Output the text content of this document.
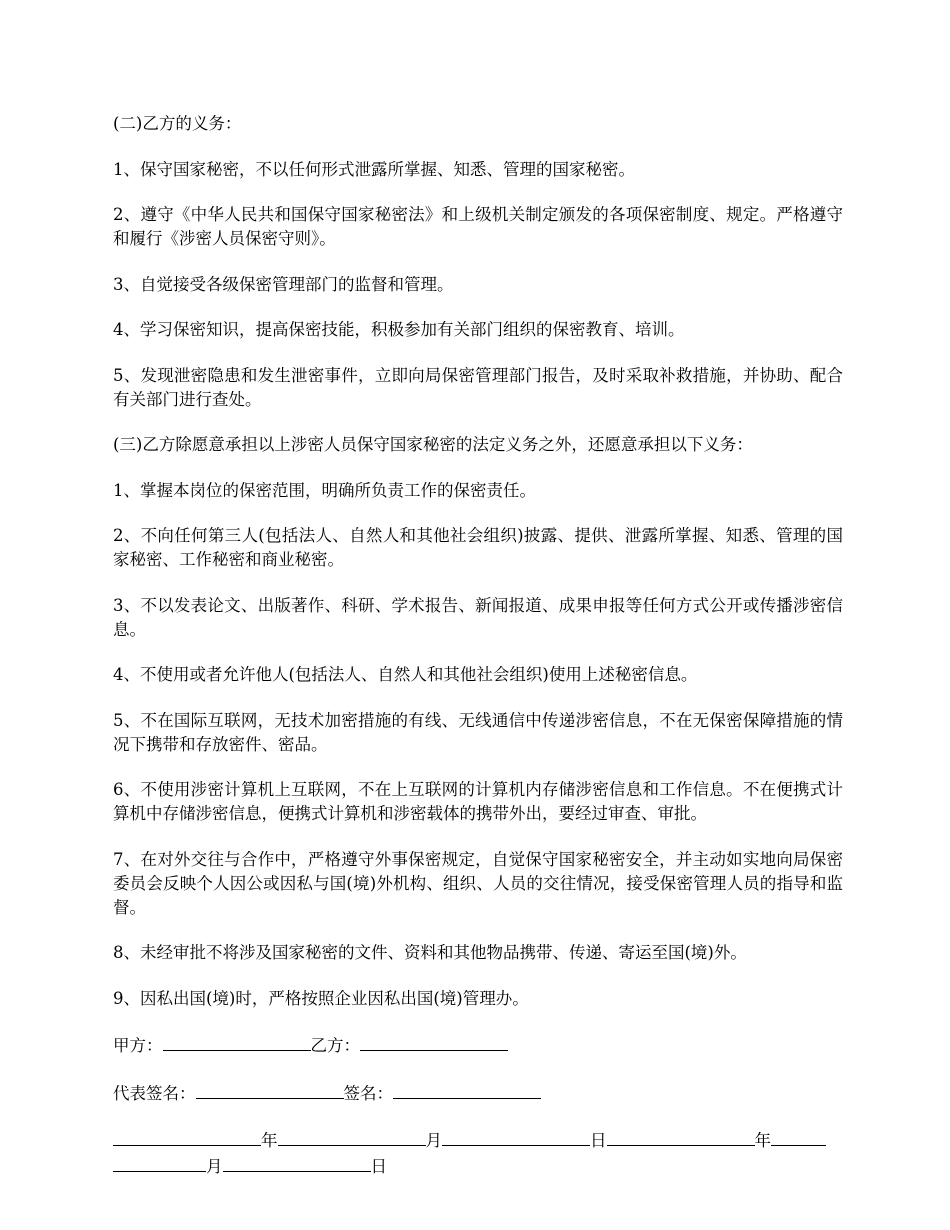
(二)乙方的义务：

1、保守国家秘密，不以任何形式泄露所掌握、知悉、管理的国家秘密。

2、遵守《中华人民共和国保守国家秘密法》和上级机关制定颁发的各项保密制度、规定。严格遵守和履行《涉密人员保密守则》。

3、自觉接受各级保密管理部门的监督和管理。

4、学习保密知识，提高保密技能，积极参加有关部门组织的保密教育、培训。

5、发现泄密隐患和发生泄密事件，立即向局保密管理部门报告，及时采取补救措施，并协助、配合有关部门进行查处。

(三)乙方除愿意承担以上涉密人员保守国家秘密的法定义务之外，还愿意承担以下义务：

1、掌握本岗位的保密范围，明确所负责工作的保密责任。

2、不向任何第三人(包括法人、自然人和其他社会组织)披露、提供、泄露所掌握、知悉、管理的国家秘密、工作秘密和商业秘密。

3、不以发表论文、出版著作、科研、学术报告、新闻报道、成果申报等任何方式公开或传播涉密信息。

4、不使用或者允许他人(包括法人、自然人和其他社会组织)使用上述秘密信息。

5、不在国际互联网，无技术加密措施的有线、无线通信中传递涉密信息，不在无保密保障措施的情况下携带和存放密件、密品。

6、不使用涉密计算机上互联网，不在上互联网的计算机内存储涉密信息和工作信息。不在便携式计算机中存储涉密信息，便携式计算机和涉密载体的携带外出，要经过审查、审批。

7、在对外交往与合作中，严格遵守外事保密规定，自觉保守国家秘密安全，并主动如实地向局保密委员会反映个人因公或因私与国(境)外机构、组织、人员的交往情况，接受保密管理人员的指导和监督。

8、未经审批不将涉及国家秘密的文件、资料和其他物品携带、传递、寄运至国(境)外。

9、因私出国(境)时，严格按照企业因私出国(境)管理办。

甲方：	乙方：
代表签名：	签名：
年	月	日	年
月	日
